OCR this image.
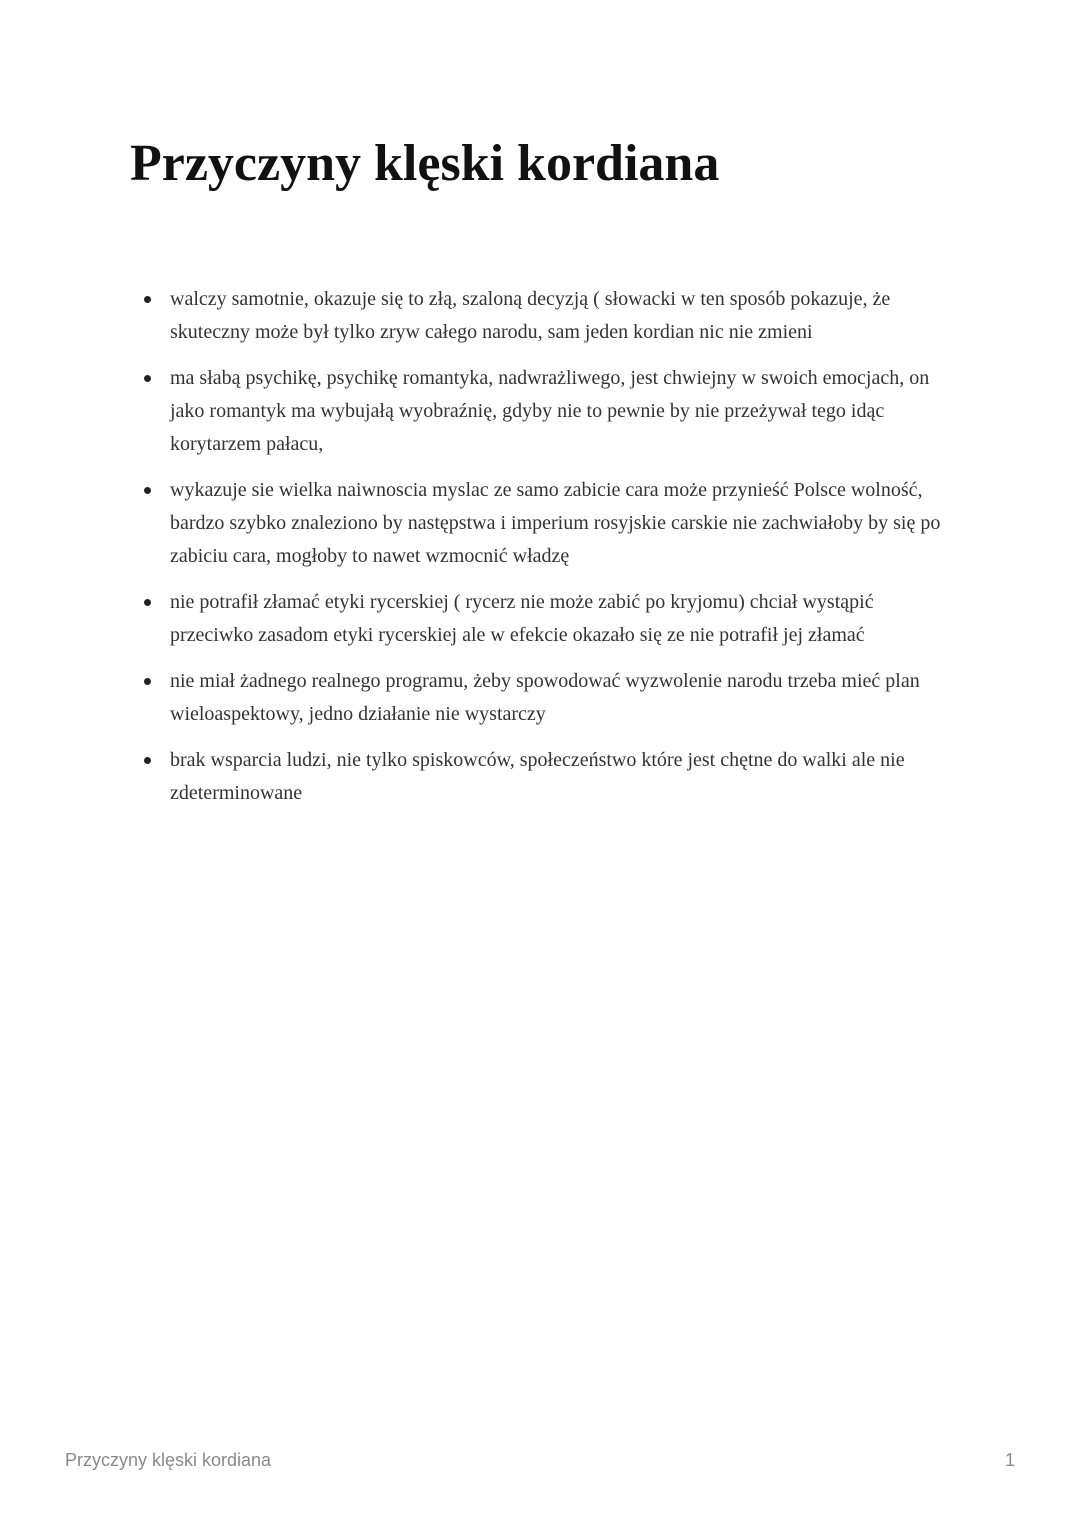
Przyczyny klęski kordiana
walczy samotnie, okazuje się to złą, szaloną decyzją ( słowacki w ten sposób pokazuje, że skuteczny może był tylko zryw całego narodu, sam jeden kordian nic nie zmieni
ma słabą psychikę, psychikę romantyka, nadwrażliwego, jest chwiejny w swoich emocjach, on jako romantyk ma wybujałą wyobraźnię, gdyby nie to pewnie by nie przeżywał tego idąc korytarzem pałacu,
wykazuje sie wielka naiwnoscia myslac ze samo zabicie cara może przynieść Polsce wolność, bardzo szybko znaleziono by następstwa i imperium rosyjskie carskie nie zachwiałoby by się po zabiciu cara, mogłoby to nawet wzmocnić władzę
nie potrafił złamać etyki rycerskiej ( rycerz nie może zabić po kryjomu) chciał wystąpić przeciwko zasadom etyki rycerskiej ale w efekcie okazało się ze nie potrafił jej złamać
nie miał żadnego realnego programu, żeby spowodować wyzwolenie narodu trzeba mieć plan wieloaspektowy, jedno działanie nie wystarczy
brak wsparcia ludzi, nie tylko spiskowców, społeczeństwo które jest chętne do walki ale nie zdeterminowane
Przyczyny klęski kordiana	1
